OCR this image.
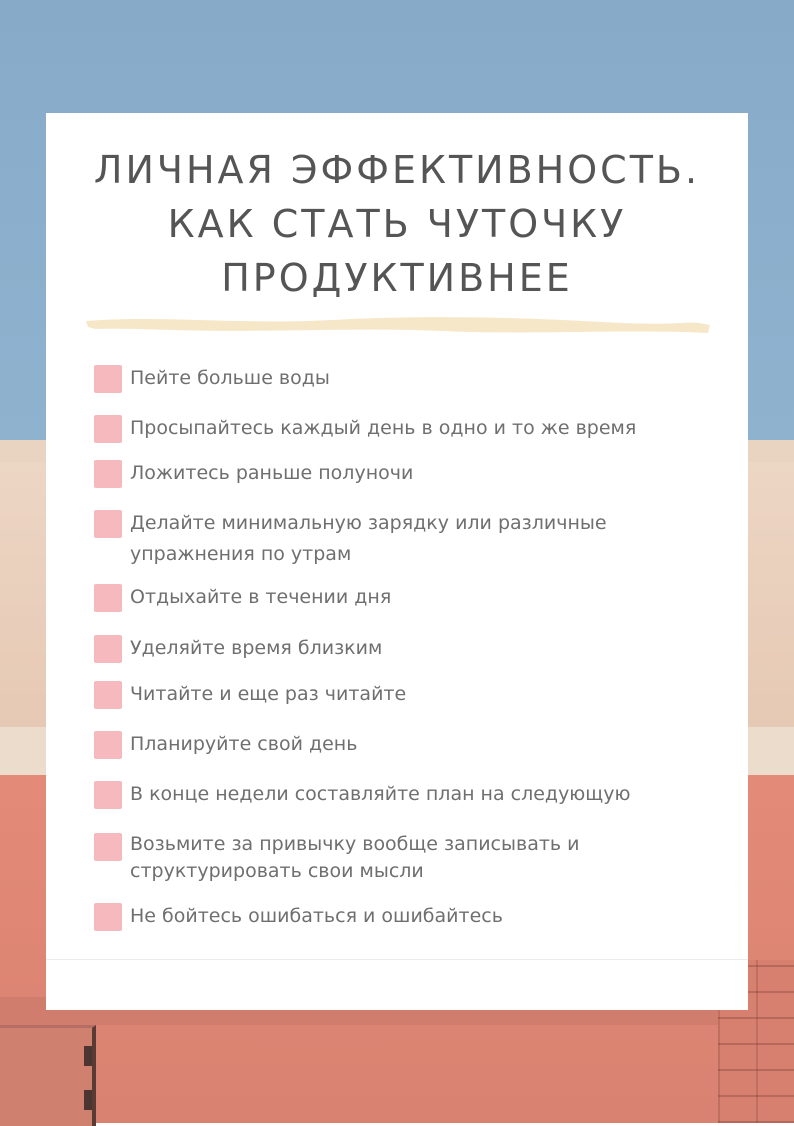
ЛИЧНАЯ ЭФФЕКТИВНОСТЬ.
КАК СТАТЬ ЧУТОЧКУ
ПРОДУКТИВНЕЕ
Пейте больше воды
Просыпайтесь каждый день в одно и то же время
Ложитесь раньше полуночи
Делайте минимальную зарядку или различные упражнения по утрам
Отдыхайте в течении дня
Уделяйте время близким
Читайте и еще раз читайте
Планируйте свой день
В конце недели составляйте план на следующую
Возьмите за привычку вообще записывать и структурировать свои мысли
Не бойтесь ошибаться и ошибайтесь
